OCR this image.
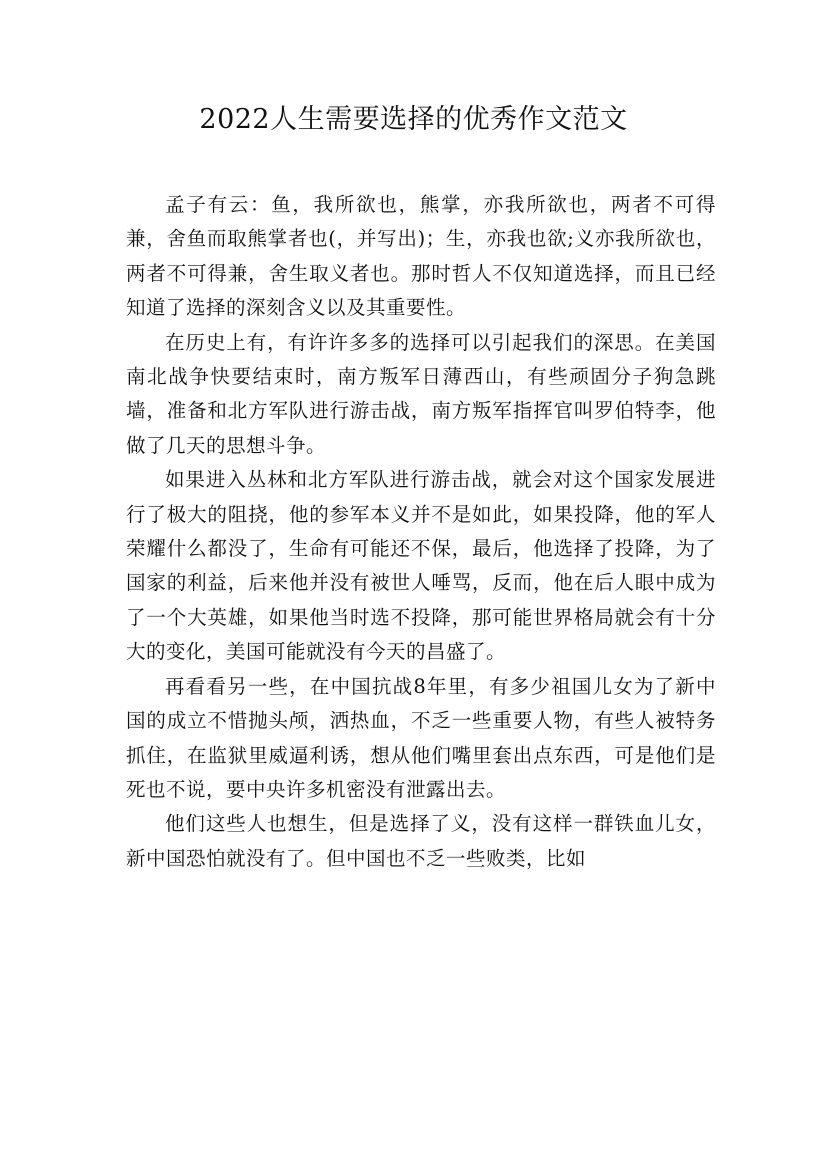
2022人生需要选择的优秀作文范文

孟子有云：鱼，我所欲也，熊掌，亦我所欲也，两者不可得兼，舍鱼而取熊掌者也(，并写出)；生，亦我也欲;义亦我所欲也，两者不可得兼，舍生取义者也。那时哲人不仅知道选择，而且已经知道了选择的深刻含义以及其重要性。

在历史上有，有许许多多的选择可以引起我们的深思。在美国南北战争快要结束时，南方叛军日薄西山，有些顽固分子狗急跳墙，准备和北方军队进行游击战，南方叛军指挥官叫罗伯特李，他做了几天的思想斗争。

如果进入丛林和北方军队进行游击战，就会对这个国家发展进行了极大的阻挠，他的参军本义并不是如此，如果投降，他的军人荣耀什么都没了，生命有可能还不保，最后，他选择了投降，为了国家的利益，后来他并没有被世人唾骂，反而，他在后人眼中成为了一个大英雄，如果他当时选不投降，那可能世界格局就会有十分大的变化，美国可能就没有今天的昌盛了。

再看看另一些，在中国抗战8年里，有多少祖国儿女为了新中国的成立不惜抛头颅，洒热血，不乏一些重要人物，有些人被特务抓住，在监狱里威逼利诱，想从他们嘴里套出点东西，可是他们是死也不说，要中央许多机密没有泄露出去。

他们这些人也想生，但是选择了义，没有这样一群铁血儿女，新中国恐怕就没有了。但中国也不乏一些败类，比如
